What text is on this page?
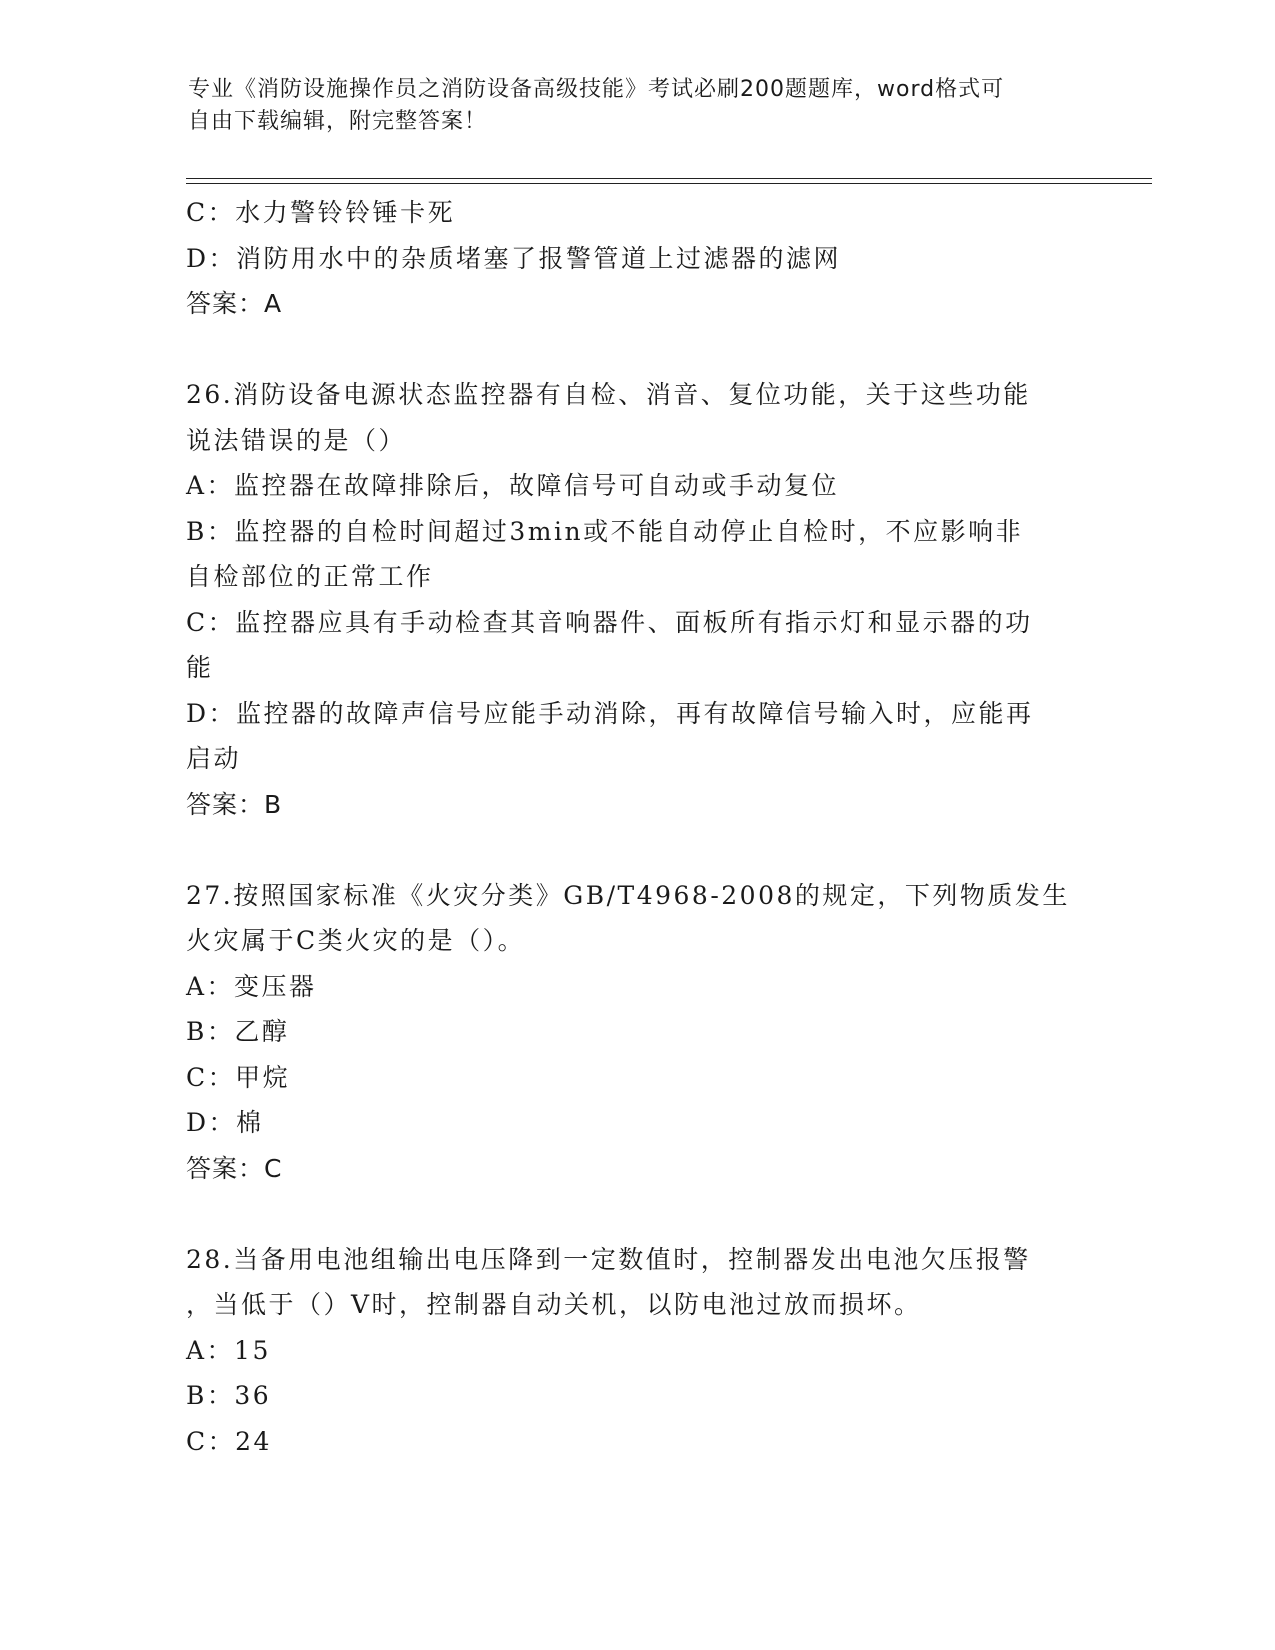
专业《消防设施操作员之消防设备高级技能》考试必刷200题题库，word格式可
自由下载编辑，附完整答案！
C：水力警铃铃锤卡死
D：消防用水中的杂质堵塞了报警管道上过滤器的滤网
答案：A
26.消防设备电源状态监控器有自检、消音、复位功能，关于这些功能
说法错误的是（）
A：监控器在故障排除后，故障信号可自动或手动复位
B：监控器的自检时间超过3min或不能自动停止自检时，不应影响非
自检部位的正常工作
C：监控器应具有手动检查其音响器件、面板所有指示灯和显示器的功
能
D：监控器的故障声信号应能手动消除，再有故障信号输入时，应能再
启动
答案：B
27.按照国家标准《火灾分类》GB/T4968-2008的规定，下列物质发生
火灾属于C类火灾的是（）。
A：变压器
B：乙醇
C：甲烷
D：棉
答案：C
28.当备用电池组输出电压降到一定数值时，控制器发出电池欠压报警
，当低于（）V时，控制器自动关机，以防电池过放而损坏。
A：15
B：36
C：24
